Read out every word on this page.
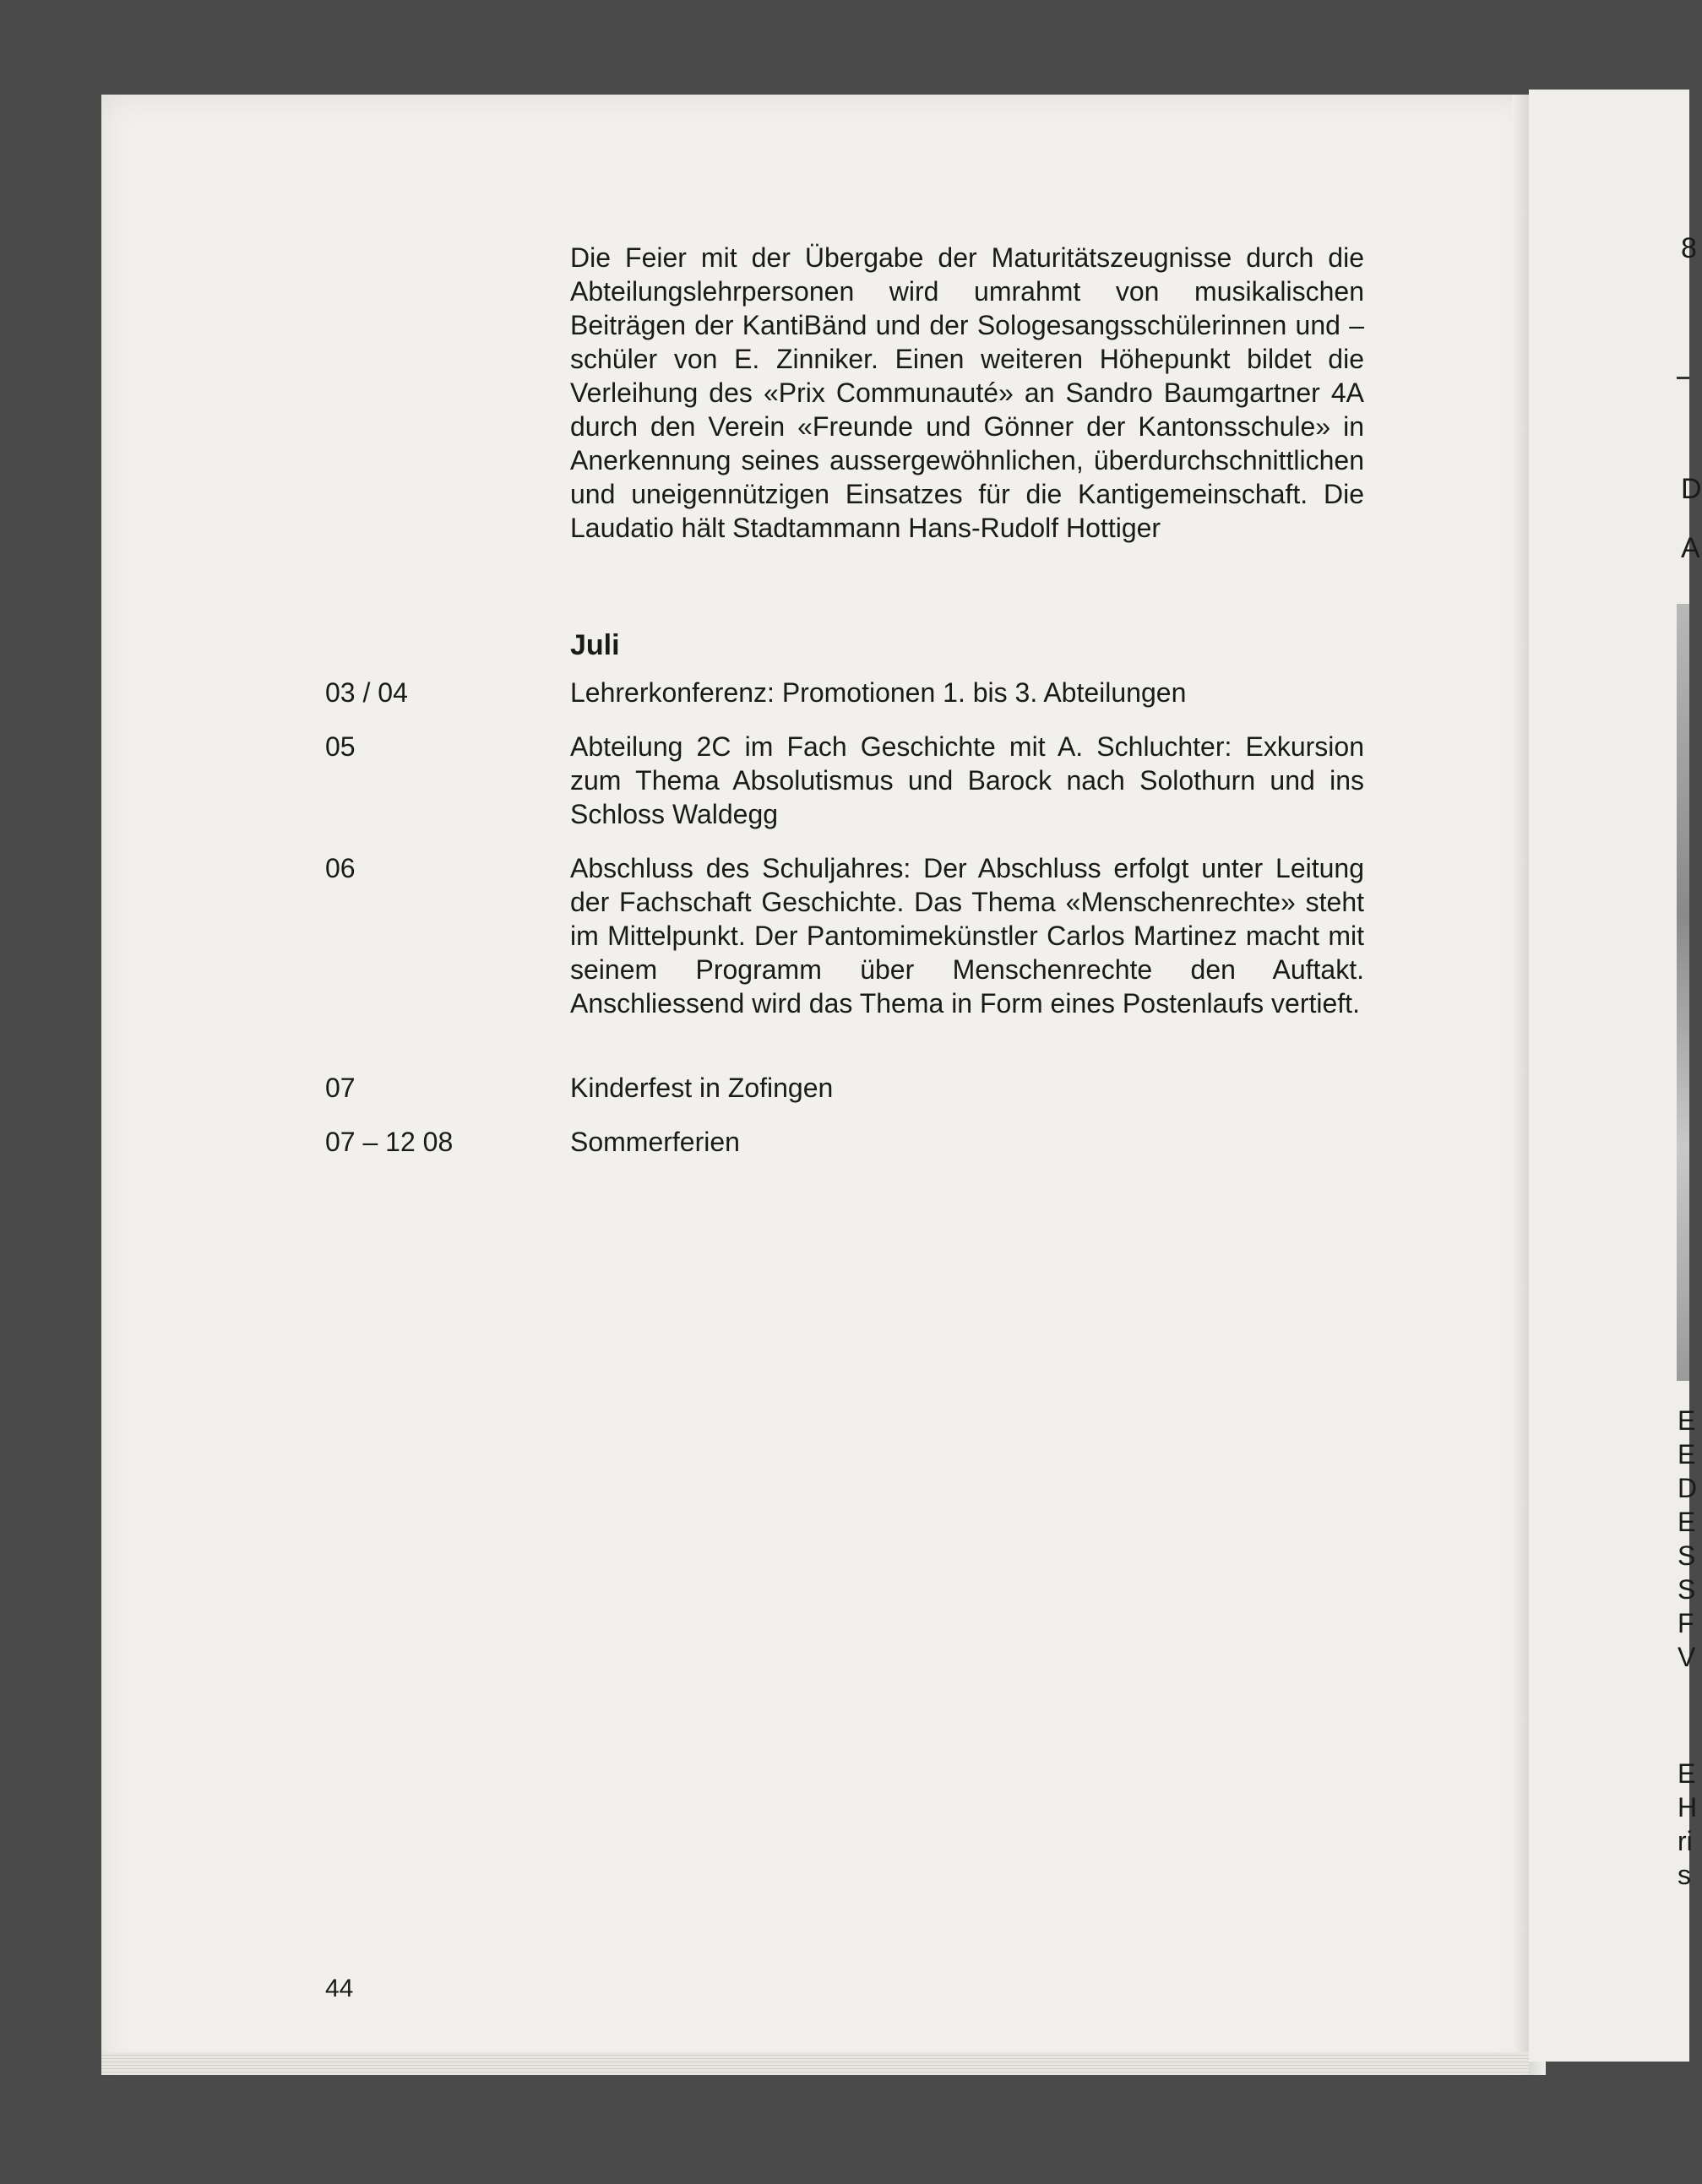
Die Feier mit der Übergabe der Maturitätszeugnisse durch die Abteilungslehrpersonen wird umrahmt von musikalischen Beiträgen der KantiBänd und der Sologesangsschülerinnen und –schüler von E. Zinniker. Einen weiteren Höhepunkt bildet die Verleihung des «Prix Communauté» an Sandro Baumgartner 4A durch den Verein «Freunde und Gönner der Kantonsschule» in Anerkennung seines aussergewöhnlichen, überdurchschnittlichen und uneigennützigen Einsatzes für die Kantigemeinschaft. Die Laudatio hält Stadtammann Hans-Rudolf Hottiger
Juli
03 / 04	Lehrerkonferenz: Promotionen 1. bis 3. Abteilungen
05	Abteilung 2C im Fach Geschichte mit A. Schluchter: Exkursion zum Thema Absolutismus und Barock nach Solothurn und ins Schloss Waldegg
06	Abschluss des Schuljahres: Der Abschluss erfolgt unter Leitung der Fachschaft Geschichte. Das Thema «Menschenrechte» steht im Mittelpunkt. Der Pantomimekünstler Carlos Martinez macht mit seinem Programm über Menschenrechte den Auftakt. Anschliessend wird das Thema in Form eines Postenlaufs vertieft.
07	Kinderfest in Zofingen
07 – 12 08	Sommerferien
44
8
D
A
E
E
D
E
S
S
F
V
E
H
ri
s
